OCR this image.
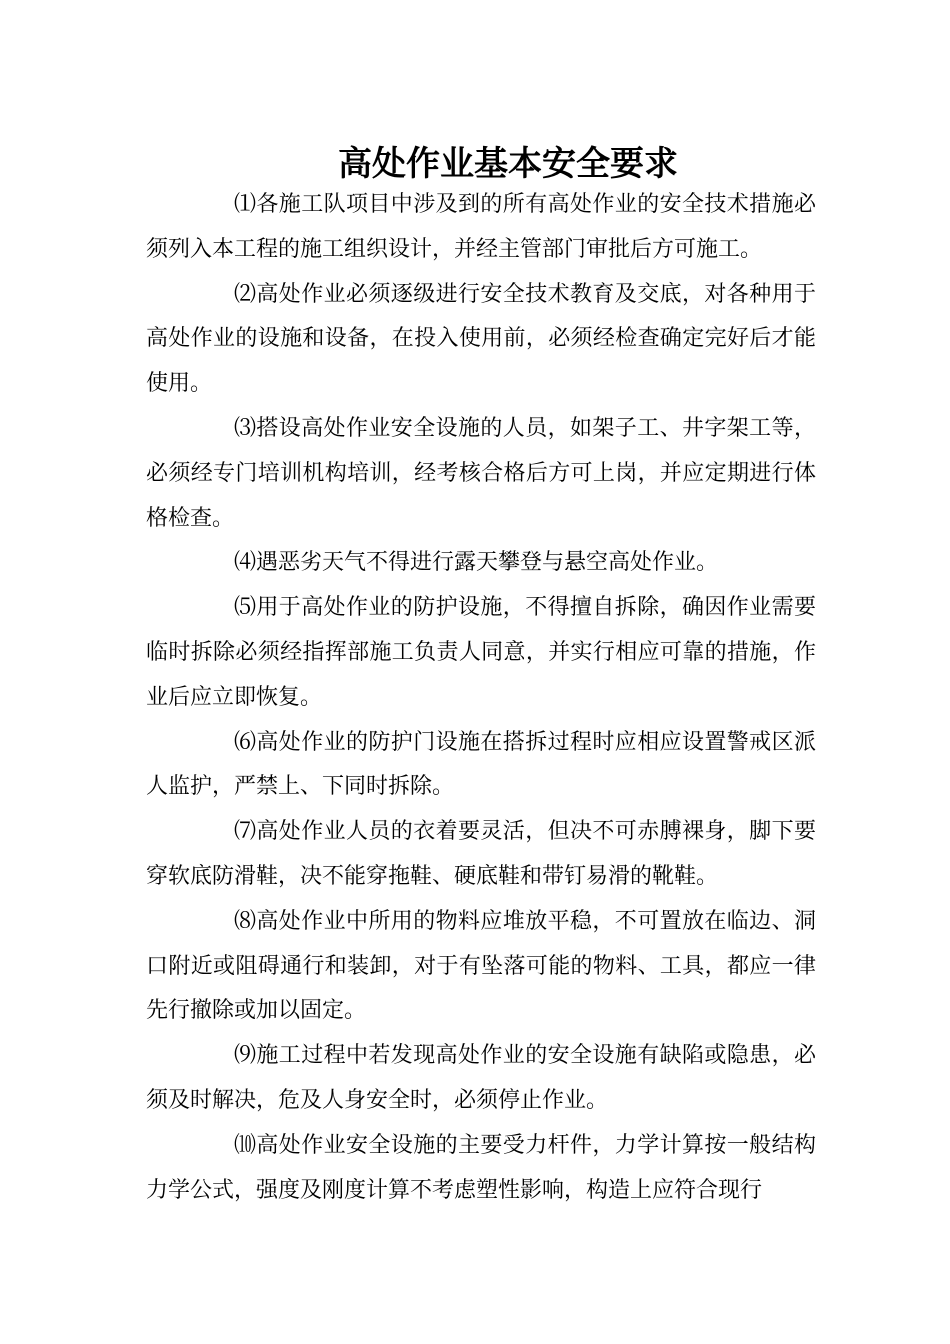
高处作业基本安全要求

⑴各施工队项目中涉及到的所有高处作业的安全技术措施必须列入本工程的施工组织设计，并经主管部门审批后方可施工。

⑵高处作业必须逐级进行安全技术教育及交底，对各种用于高处作业的设施和设备，在投入使用前，必须经检查确定完好后才能使用。

⑶搭设高处作业安全设施的人员，如架子工、井字架工等，必须经专门培训机构培训，经考核合格后方可上岗，并应定期进行体格检查。

⑷遇恶劣天气不得进行露天攀登与悬空高处作业。

⑸用于高处作业的防护设施，不得擅自拆除，确因作业需要临时拆除必须经指挥部施工负责人同意，并实行相应可靠的措施，作业后应立即恢复。

⑹高处作业的防护门设施在搭拆过程时应相应设置警戒区派人监护，严禁上、下同时拆除。

⑺高处作业人员的衣着要灵活，但决不可赤膊裸身，脚下要穿软底防滑鞋，决不能穿拖鞋、硬底鞋和带钉易滑的靴鞋。

⑻高处作业中所用的物料应堆放平稳，不可置放在临边、洞口附近或阻碍通行和装卸，对于有坠落可能的物料、工具，都应一律先行撤除或加以固定。

⑼施工过程中若发现高处作业的安全设施有缺陷或隐患，必须及时解决，危及人身安全时，必须停止作业。

⑽高处作业安全设施的主要受力杆件，力学计算按一般结构力学公式，强度及刚度计算不考虑塑性影响，构造上应符合现行
